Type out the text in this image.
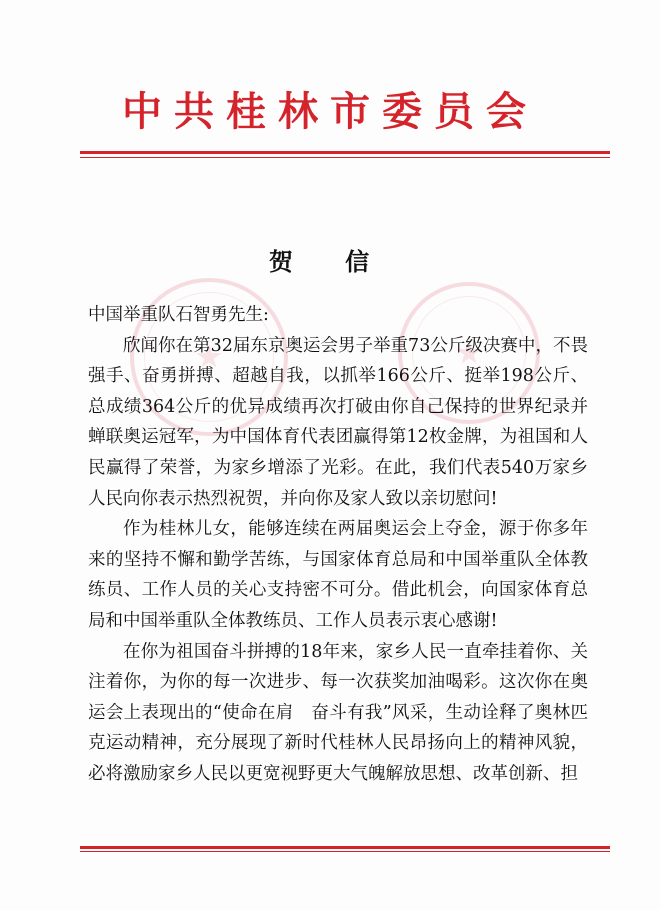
中共桂林市委员会
贺 信

中国举重队石智勇先生:

欣闻你在第32届东京奥运会男子举重73公斤级决赛中，不畏强手、奋勇拼搏、超越自我，以抓举166公斤、挺举198公斤、总成绩364公斤的优异成绩再次打破由你自己保持的世界纪录并蝉联奥运冠军，为中国体育代表团赢得第12枚金牌，为祖国和人民赢得了荣誉，为家乡增添了光彩。在此，我们代表540万家乡人民向你表示热烈祝贺，并向你及家人致以亲切慰问!

作为桂林儿女，能够连续在两届奥运会上夺金，源于你多年来的坚持不懈和勤学苦练，与国家体育总局和中国举重队全体教练员、工作人员的关心支持密不可分。借此机会，向国家体育总局和中国举重队全体教练员、工作人员表示衷心感谢!

在你为祖国奋斗拼搏的18年来，家乡人民一直牵挂着你、关注着你，为你的每一次进步、每一次获奖加油喝彩。这次你在奥运会上表现出的“使命在肩　奋斗有我”风采，生动诠释了奥林匹克运动精神，充分展现了新时代桂林人民昂扬向上的精神风貌，必将激励家乡人民以更宽视野更大气魄解放思想、改革创新、担
